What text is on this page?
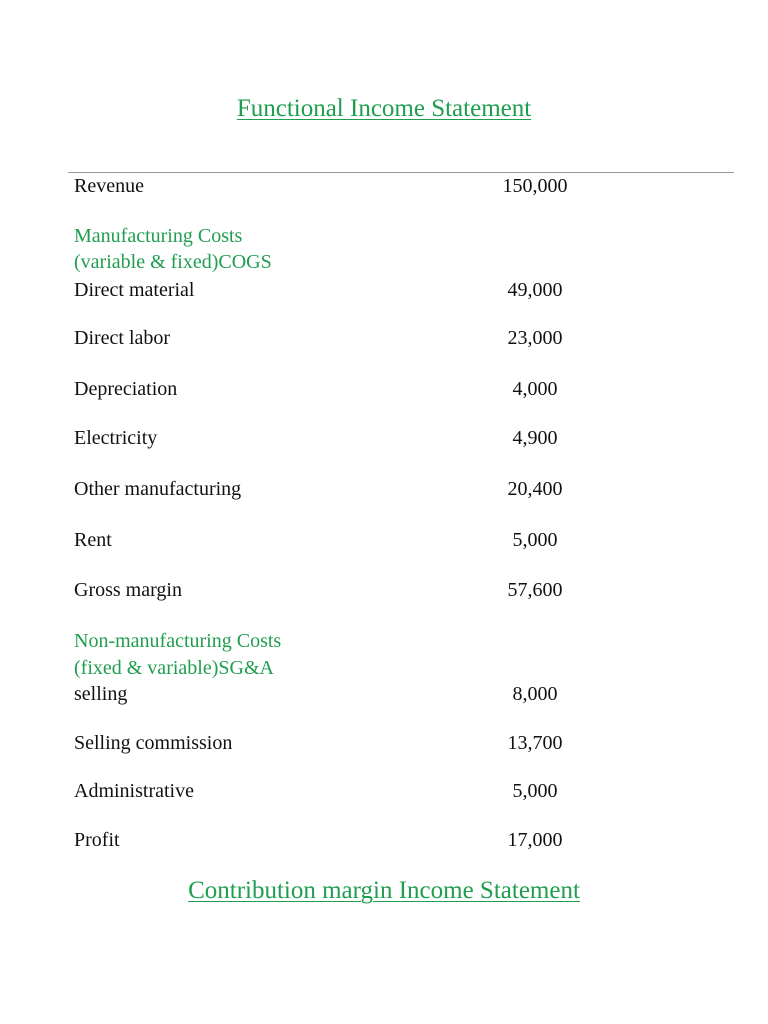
Functional Income Statement
Revenue	150,000
Manufacturing Costs
(variable & fixed)COGS
Direct material	49,000
Direct labor	23,000
Depreciation	4,000
Electricity	4,900
Other manufacturing	20,400
Rent	5,000
Gross margin	57,600
Non-manufacturing Costs
(fixed & variable)SG&A
selling	8,000
Selling commission	13,700
Administrative	5,000
Profit	17,000
Contribution margin Income Statement
